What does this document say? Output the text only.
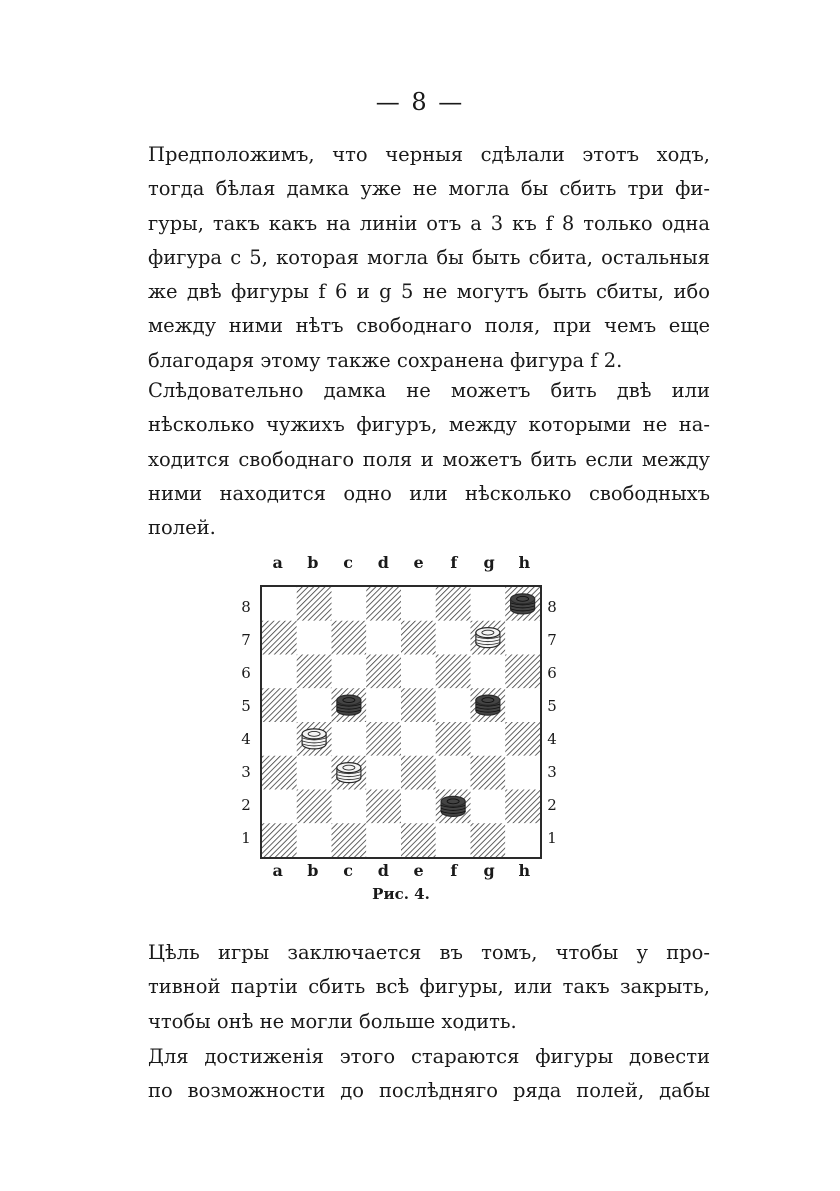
— 8 —
Предположимъ, что черныя сдѣлали этотъ ходъ,
тогда бѣлая дамка уже не могла бы сбить три фи-
гуры, такъ какъ на линіи отъ а 3 къ f 8 только одна
фигура с 5, которая могла бы быть сбита, остальныя
же двѣ фигуры f 6 и g 5 не могутъ быть сбиты, ибо
между ними нѣтъ свободнаго поля, при чемъ еще
благодаря этому также сохранена фигура f 2.
Слѣдовательно дамка не можетъ бить двѣ или
нѣсколько чужихъ фигуръ, между которыми не на-
ходится свободнаго поля и можетъ бить если между
ними находится одно или нѣсколько свободныхъ
полей.
a	b	c	d	e	f	g	h
8
7
6
5
4
3
2
1
8
7
6
5
4
3
2
1
a	b	c	d	e	f	g	h
Рис. 4.
Цѣль игры заключается въ томъ, чтобы у про-
тивной партіи сбить всѣ фигуры, или такъ закрыть,
чтобы онѣ не могли больше ходить.
Для достиженія этого стараются фигуры довести
по возможности до послѣдняго ряда полей, дабы
